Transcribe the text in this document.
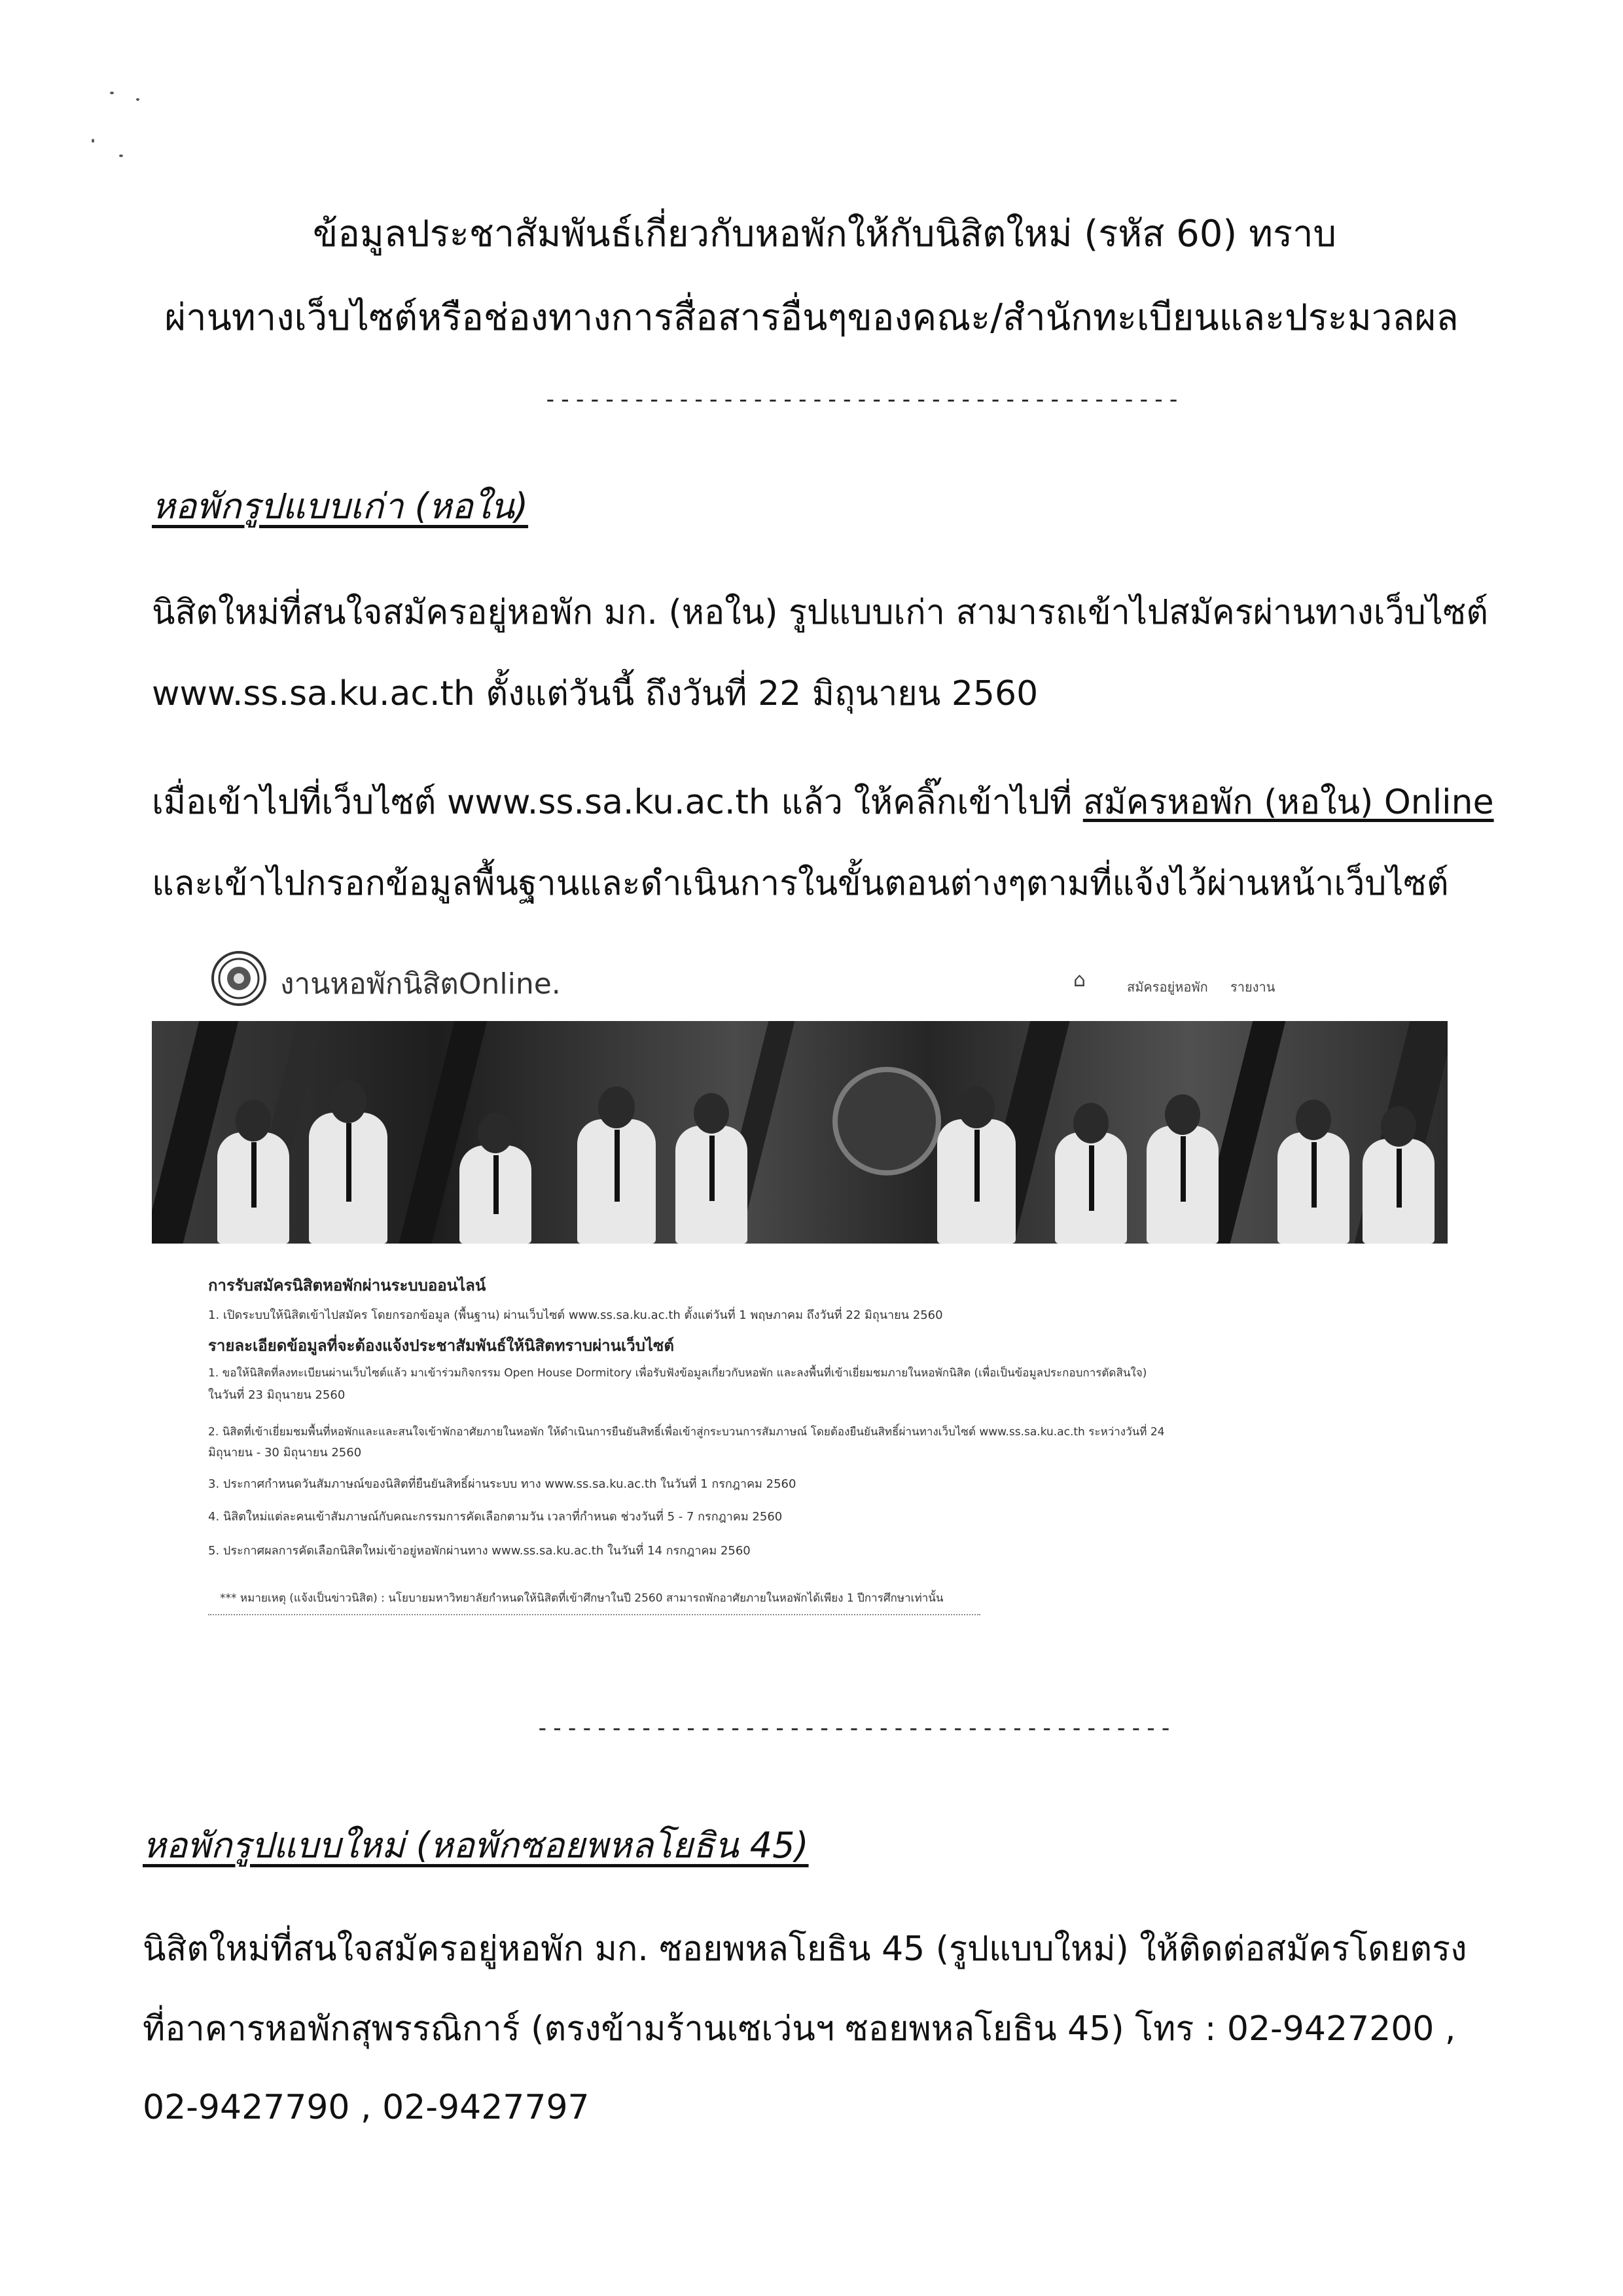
ข้อมูลประชาสัมพันธ์เกี่ยวกับหอพักให้กับนิสิตใหม่ (รหัส 60) ทราบ
ผ่านทางเว็บไซต์หรือช่องทางการสื่อสารอื่นๆของคณะ/สำนักทะเบียนและประมวลผล
-------------------------------------------
หอพักรูปแบบเก่า (หอใน)
นิสิตใหม่ที่สนใจสมัครอยู่หอพัก มก. (หอใน) รูปแบบเก่า สามารถเข้าไปสมัครผ่านทางเว็บไซต์
www.ss.sa.ku.ac.th ตั้งแต่วันนี้ ถึงวันที่ 22 มิถุนายน 2560
เมื่อเข้าไปที่เว็บไซต์ www.ss.sa.ku.ac.th แล้ว ให้คลิ๊กเข้าไปที่ สมัครหอพัก (หอใน) Online
และเข้าไปกรอกข้อมูลพื้นฐานและดำเนินการในขั้นตอนต่างๆตามที่แจ้งไว้ผ่านหน้าเว็บไซต์
งานหอพักนิสิตOnline.	⌂	สมัครอยู่หอพัก รายงาน
การรับสมัครนิสิตหอพักผ่านระบบออนไลน์
1. เปิดระบบให้นิสิตเข้าไปสมัคร โดยกรอกข้อมูล (พื้นฐาน) ผ่านเว็บไซต์ www.ss.sa.ku.ac.th ตั้งแต่วันที่ 1 พฤษภาคม ถึงวันที่ 22 มิถุนายน 2560
รายละเอียดข้อมูลที่จะต้องแจ้งประชาสัมพันธ์ให้นิสิตทราบผ่านเว็บไซต์
1. ขอให้นิสิตที่ลงทะเบียนผ่านเว็บไซต์แล้ว มาเข้าร่วมกิจกรรม Open House Dormitory เพื่อรับฟังข้อมูลเกี่ยวกับหอพัก และลงพื้นที่เข้าเยี่ยมชมภายในหอพักนิสิต (เพื่อเป็นข้อมูลประกอบการตัดสินใจ)
ในวันที่ 23 มิถุนายน 2560
2. นิสิตที่เข้าเยี่ยมชมพื้นที่หอพักและและสนใจเข้าพักอาศัยภายในหอพัก ให้ดำเนินการยืนยันสิทธิ์เพื่อเข้าสู่กระบวนการสัมภาษณ์ โดยต้องยืนยันสิทธิ์ผ่านทางเว็บไซต์ www.ss.sa.ku.ac.th ระหว่างวันที่ 24
มิถุนายน - 30 มิถุนายน 2560
3. ประกาศกำหนดวันสัมภาษณ์ของนิสิตที่ยืนยันสิทธิ์ผ่านระบบ ทาง www.ss.sa.ku.ac.th ในวันที่ 1 กรกฎาคม 2560
4. นิสิตใหม่แต่ละคนเข้าสัมภาษณ์กับคณะกรรมการคัดเลือกตามวัน เวลาที่กำหนด ช่วงวันที่ 5 - 7 กรกฎาคม 2560
5. ประกาศผลการคัดเลือกนิสิตใหม่เข้าอยู่หอพักผ่านทาง www.ss.sa.ku.ac.th ในวันที่ 14 กรกฎาคม 2560
*** หมายเหตุ (แจ้งเป็นข่าวนิสิต) : นโยบายมหาวิทยาลัยกำหนดให้นิสิตที่เข้าศึกษาในปี 2560 สามารถพักอาศัยภายในหอพักได้เพียง 1 ปีการศึกษาเท่านั้น
-------------------------------------------
หอพักรูปแบบใหม่ (หอพักซอยพหลโยธิน 45)
นิสิตใหม่ที่สนใจสมัครอยู่หอพัก มก. ซอยพหลโยธิน 45 (รูปแบบใหม่) ให้ติดต่อสมัครโดยตรง
ที่อาคารหอพักสุพรรณิการ์ (ตรงข้ามร้านเซเว่นฯ ซอยพหลโยธิน 45) โทร : 02-9427200 ,
02-9427790 , 02-9427797
